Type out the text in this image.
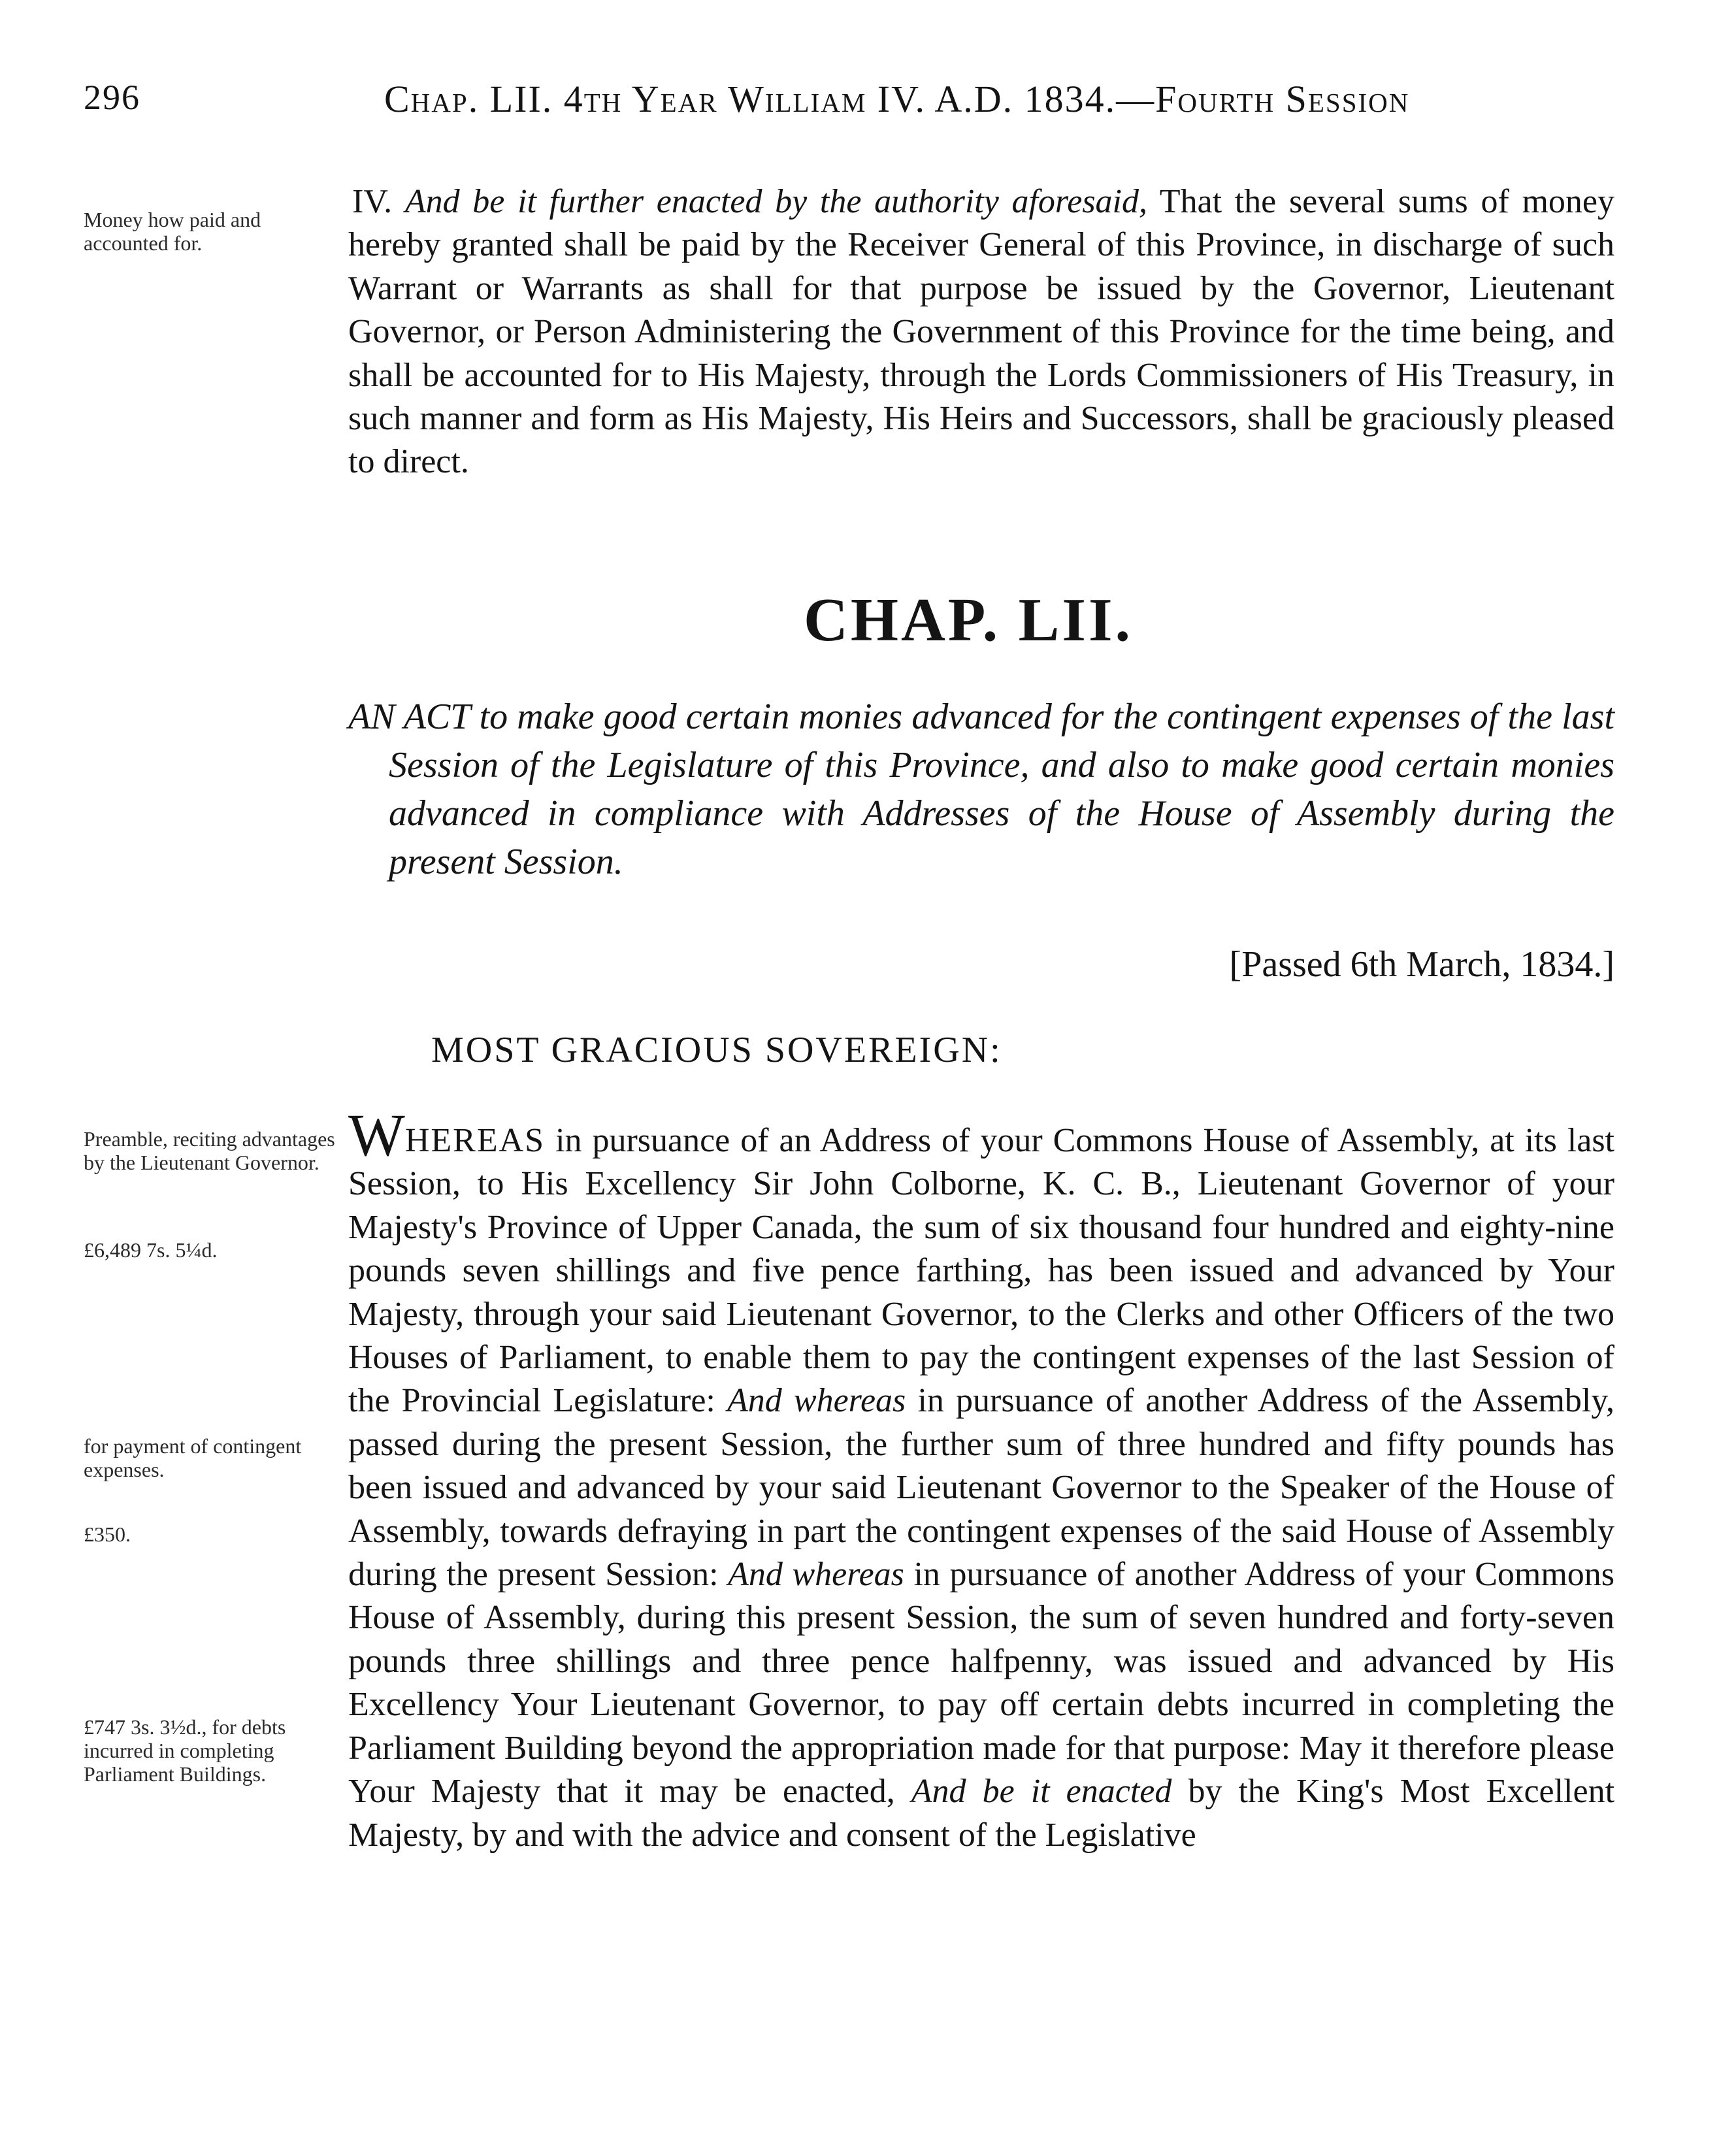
296	Chap. LII. 4th Year William IV. A.D. 1834.—Fourth Session
Money how paid and accounted for.
Preamble, reciting advantages by the Lieutenant Governor.
£6,489 7s. 5¼d.
for payment of contingent expenses.
£350.
£747 3s. 3½d., for debts incurred in completing Parliament Buildings.
IV. And be it further enacted by the authority aforesaid, That the several sums of money hereby granted shall be paid by the Receiver General of this Province, in discharge of such Warrant or Warrants as shall for that purpose be issued by the Governor, Lieutenant Governor, or Person Administering the Government of this Province for the time being, and shall be accounted for to His Majesty, through the Lords Commissioners of His Treasury, in such manner and form as His Majesty, His Heirs and Successors, shall be graciously pleased to direct.
CHAP. LII.
AN ACT to make good certain monies advanced for the contingent expenses of the last Session of the Legislature of this Province, and also to make good certain monies advanced in compliance with Addresses of the House of Assembly during the present Session.
[Passed 6th March, 1834.]
MOST GRACIOUS SOVEREIGN:
WHEREAS in pursuance of an Address of your Commons House of Assembly, at its last Session, to His Excellency Sir John Colborne, K. C. B., Lieutenant Governor of your Majesty's Province of Upper Canada, the sum of six thousand four hundred and eighty-nine pounds seven shillings and five pence farthing, has been issued and advanced by Your Majesty, through your said Lieutenant Governor, to the Clerks and other Officers of the two Houses of Parliament, to enable them to pay the contingent expenses of the last Session of the Provincial Legislature: And whereas in pursuance of another Address of the Assembly, passed during the present Session, the further sum of three hundred and fifty pounds has been issued and advanced by your said Lieutenant Governor to the Speaker of the House of Assembly, towards defraying in part the contingent expenses of the said House of Assembly during the present Session: And whereas in pursuance of another Address of your Commons House of Assembly, during this present Session, the sum of seven hundred and forty-seven pounds three shillings and three pence halfpenny, was issued and advanced by His Excellency Your Lieutenant Governor, to pay off certain debts incurred in completing the Parliament Building beyond the appropriation made for that purpose: May it therefore please Your Majesty that it may be enacted, And be it enacted by the King's Most Excellent Majesty, by and with the advice and consent of the Legislative
